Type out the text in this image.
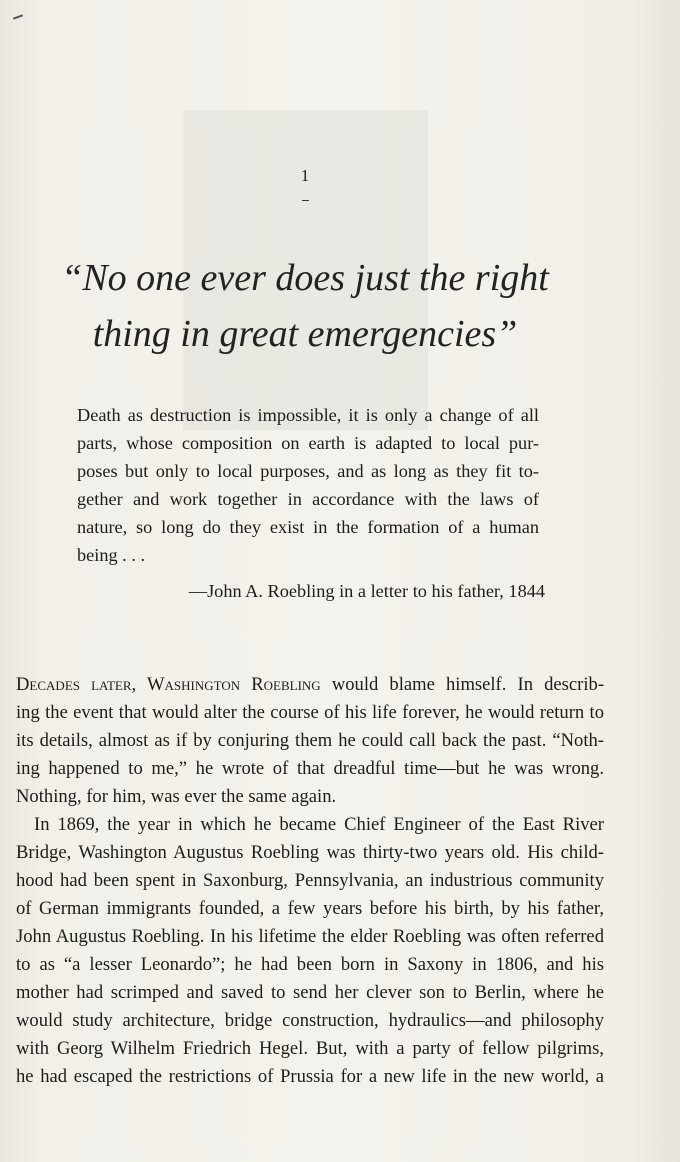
1
“No one ever does just the right
thing in great emergencies”
Death as destruction is impossible, it is only a change of all
parts, whose composition on earth is adapted to local pur-
poses but only to local purposes, and as long as they fit to-
gether and work together in accordance with the laws of
nature, so long do they exist in the formation of a human
being . . .
—John A. Roebling in a letter to his father, 1844
Decades later, Washington Roebling would blame himself. In describ-
ing the event that would alter the course of his life forever, he would return to
its details, almost as if by conjuring them he could call back the past. “Noth-
ing happened to me,” he wrote of that dreadful time—but he was wrong.
Nothing, for him, was ever the same again.
In 1869, the year in which he became Chief Engineer of the East River
Bridge, Washington Augustus Roebling was thirty-two years old. His child-
hood had been spent in Saxonburg, Pennsylvania, an industrious community
of German immigrants founded, a few years before his birth, by his father,
John Augustus Roebling. In his lifetime the elder Roebling was often referred
to as “a lesser Leonardo”; he had been born in Saxony in 1806, and his
mother had scrimped and saved to send her clever son to Berlin, where he
would study architecture, bridge construction, hydraulics—and philosophy
with Georg Wilhelm Friedrich Hegel. But, with a party of fellow pilgrims,
he had escaped the restrictions of Prussia for a new life in the new world, a
